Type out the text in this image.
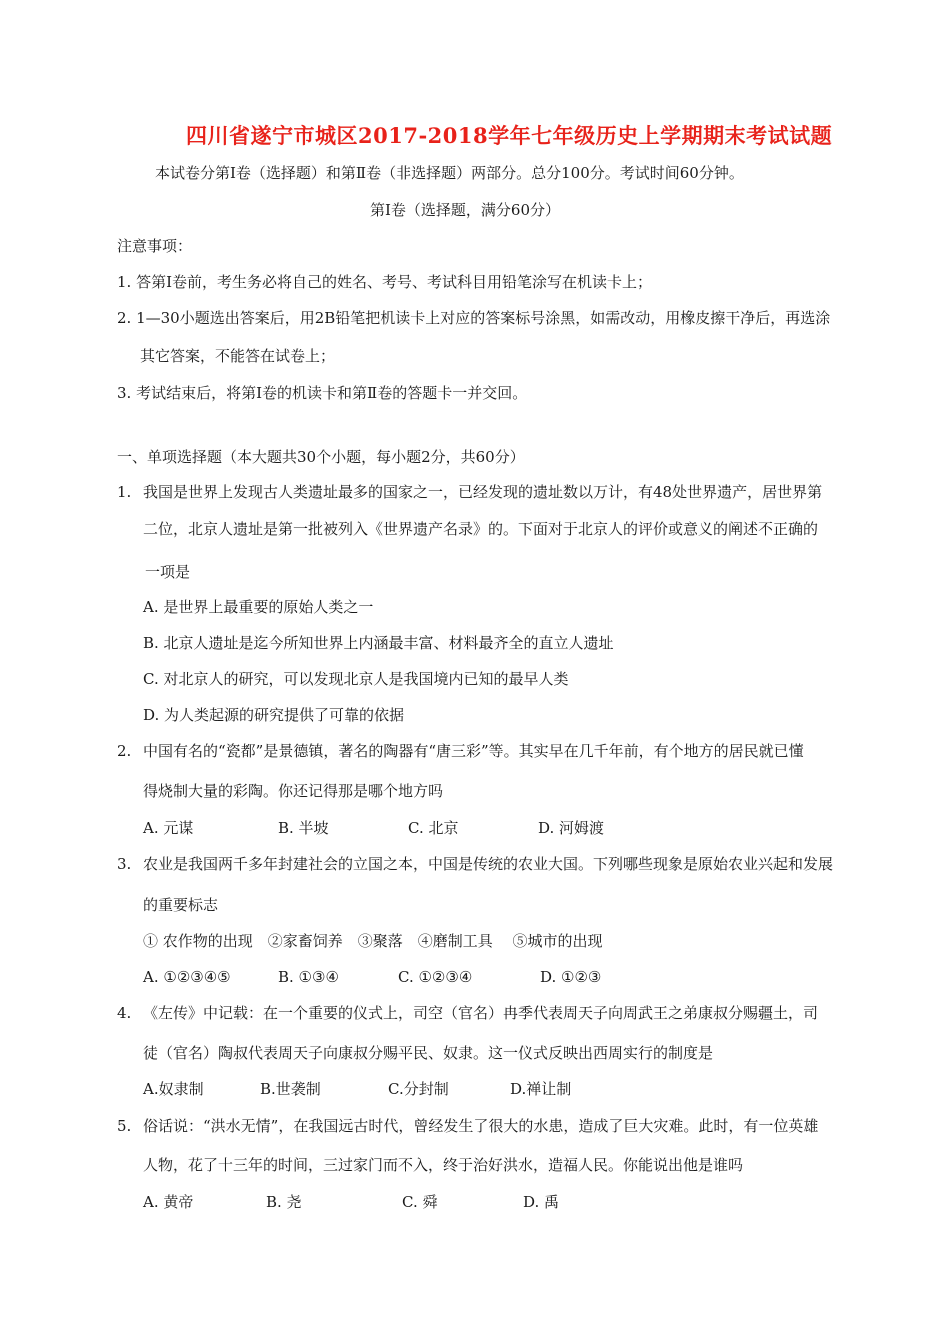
四川省遂宁市城区2017-2018学年七年级历史上学期期末考试试题
本试卷分第Ⅰ卷（选择题）和第Ⅱ卷（非选择题）两部分。总分100分。考试时间60分钟。
第Ⅰ卷（选择题，满分60分）
注意事项：
1. 答第Ⅰ卷前，考生务必将自己的姓名、考号、考试科目用铅笔涂写在机读卡上；
2. 1—30小题选出答案后，用2B铅笔把机读卡上对应的答案标号涂黑，如需改动，用橡皮擦干净后，再选涂
其它答案，不能答在试卷上；
3. 考试结束后，将第Ⅰ卷的机读卡和第Ⅱ卷的答题卡一并交回。
一、单项选择题（本大题共30个小题，每小题2分，共60分）
1. 我国是世界上发现古人类遗址最多的国家之一，已经发现的遗址数以万计，有48处世界遗产，居世界第
二位，北京人遗址是第一批被列入《世界遗产名录》的。下面对于北京人的评价或意义的阐述不正确的
一项是
A. 是世界上最重要的原始人类之一
B. 北京人遗址是迄今所知世界上内涵最丰富、材料最齐全的直立人遗址
C. 对北京人的研究，可以发现北京人是我国境内已知的最早人类
D. 为人类起源的研究提供了可靠的依据
2. 中国有名的“瓷都”是景德镇，著名的陶器有“唐三彩”等。其实早在几千年前，有个地方的居民就已懂
得烧制大量的彩陶。你还记得那是哪个地方吗
A. 元谋	B. 半坡	C. 北京	D. 河姆渡
3. 农业是我国两千多年封建社会的立国之本，中国是传统的农业大国。下列哪些现象是原始农业兴起和发展
的重要标志
① 农作物的出现　②家畜饲养　③聚落　④磨制工具　 ⑤城市的出现
A. ①②③④⑤	B. ①③④	C. ①②③④	D. ①②③
4. 《左传》中记载：在一个重要的仪式上，司空（官名）冉季代表周天子向周武王之弟康叔分赐疆土，司
徒（官名）陶叔代表周天子向康叔分赐平民、奴隶。这一仪式反映出西周实行的制度是
A.奴隶制	B.世袭制	C.分封制	D.禅让制
5. 俗话说：“洪水无情”，在我国远古时代，曾经发生了很大的水患，造成了巨大灾难。此时，有一位英雄
人物，花了十三年的时间，三过家门而不入，终于治好洪水，造福人民。你能说出他是谁吗
A. 黄帝	B. 尧	C. 舜	D. 禹
